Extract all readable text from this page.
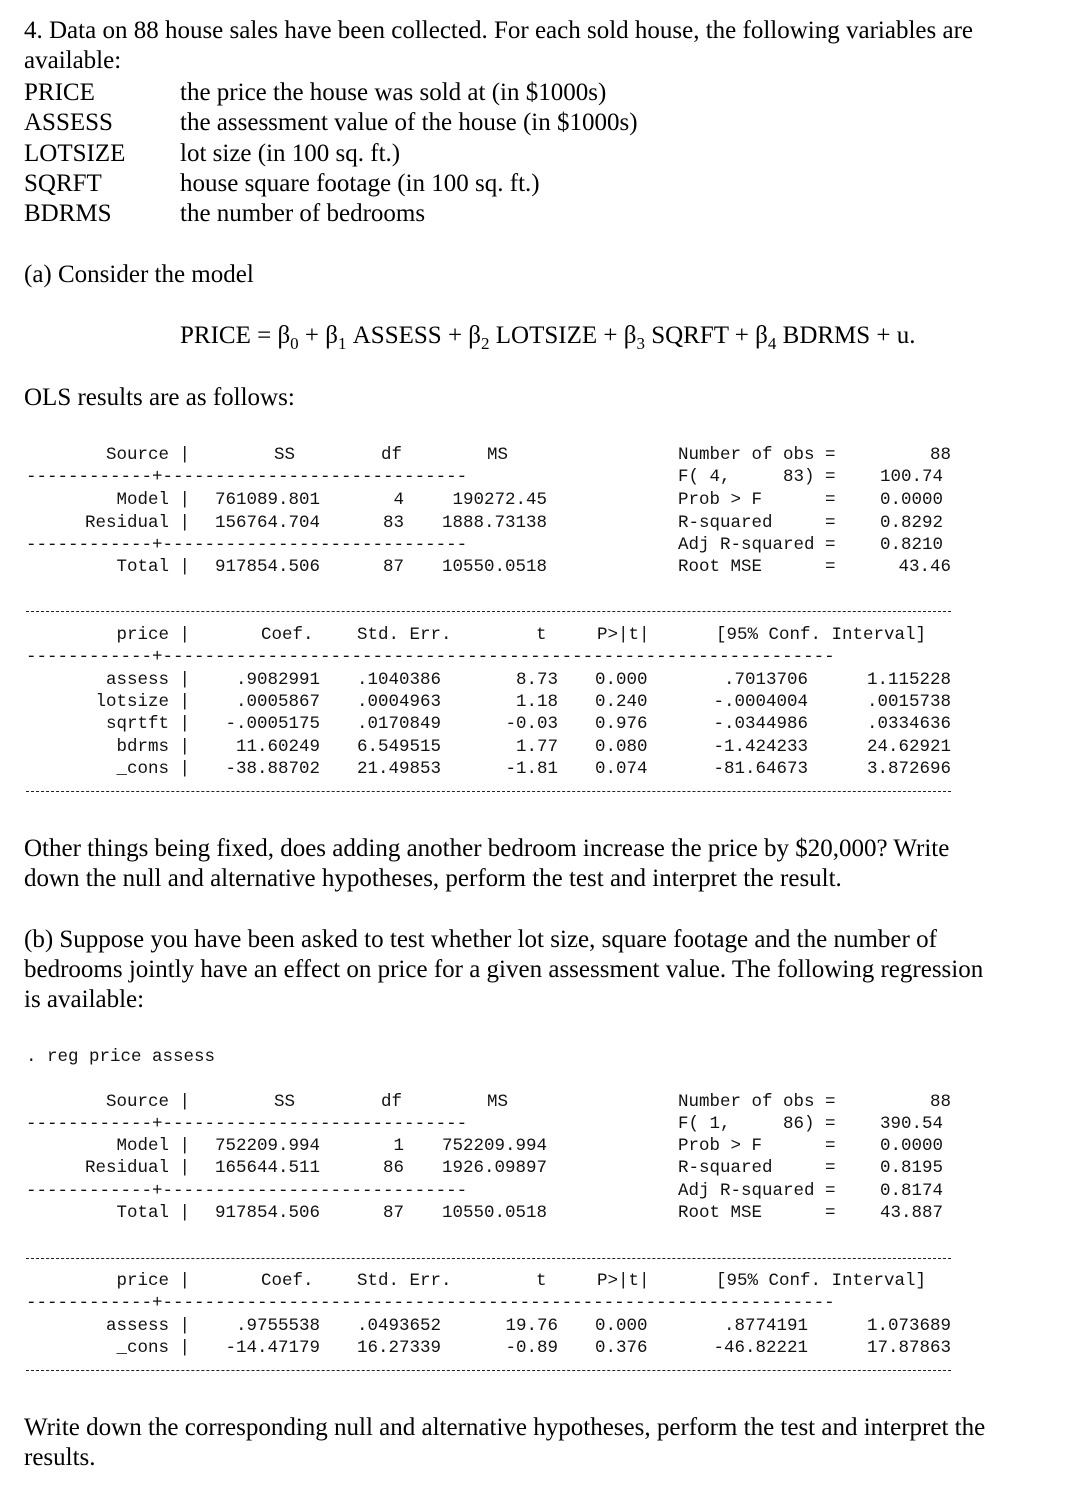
4. Data on 88 house sales have been collected. For each sold house, the following variables are
available:
PRICE	the price the house was sold at (in $1000s)
ASSESS	the assessment value of the house (in $1000s)
LOTSIZE lot size (in 100 sq. ft.)
SQRFT	house square footage (in 100 sq. ft.)
BDRMS	the number of bedrooms
(a) Consider the model
PRICE = $\beta_0 + \beta_1$ ASSESS + $\beta_2$ LOTSIZE + $\beta_3$ SQRFT + $\beta_4$ BDRMS + u.
OLS results are as follows:
Source |	SS	df	MS
------------+-----------------------------
Model | 761089.801	4	190272.45
Residual | 156764.704	83	1888.73138
------------+-----------------------------
Total | 917854.506	87	10550.0518
Number of obs =	88
F( 4,     83) =	100.74
Prob > F      =	0.0000
R-squared     =	0.8292
Adj R-squared =	0.8210
Root MSE      =	43.46
price |	Coef. Std. Err.	t	P>|t|	[95% Conf. Interval]
------------+----------------------------------------------------------------
assess |	.9082991 .1040386	8.73 0.000	.7013706	1.115228
lotsize |	.0005867 .0004963	1.18 0.240	-.0004004	.0015738
sqrtft |	-.0005175 .0170849	-0.03 0.976	-.0344986	.0334636
bdrms |	11.60249 6.549515	1.77 0.080	-1.424233	24.62921
_cons |	-38.88702 21.49853	-1.81 0.074	-81.64673	3.872696
Other things being fixed, does adding another bedroom increase the price by $20,000? Write
down the null and alternative hypotheses, perform the test and interpret the result.
(b) Suppose you have been asked to test whether lot size, square footage and the number of
bedrooms jointly have an effect on price for a given assessment value. The following regression
is available:
. reg price assess
Source |	SS	df	MS
------------+-----------------------------
Model | 752209.994	1	752209.994
Residual | 165644.511	86	1926.09897
------------+-----------------------------
Total | 917854.506	87	10550.0518
Number of obs =	88
F( 1,     86) =	390.54
Prob > F      =	0.0000
R-squared     =	0.8195
Adj R-squared =	0.8174
Root MSE      =	43.887
price |	Coef. Std. Err.	t	P>|t|	[95% Conf. Interval]
------------+----------------------------------------------------------------
assess |	.9755538 .0493652	19.76 0.000	.8774191	1.073689
_cons |	-14.47179 16.27339	-0.89 0.376	-46.82221	17.87863
Write down the corresponding null and alternative hypotheses, perform the test and interpret the
results.
